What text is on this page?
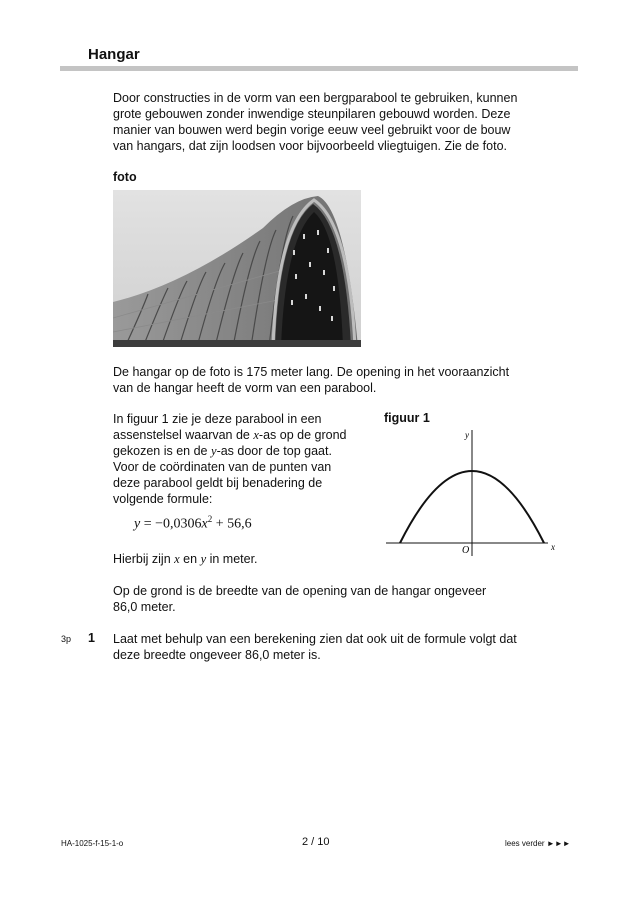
Hangar
Door constructies in de vorm van een bergparabool te gebruiken, kunnen
grote gebouwen zonder inwendige steunpilaren gebouwd worden. Deze
manier van bouwen werd begin vorige eeuw veel gebruikt voor de bouw
van hangars, dat zijn loodsen voor bijvoorbeeld vliegtuigen. Zie de foto.
foto
De hangar op de foto is 175 meter lang. De opening in het vooraanzicht
van de hangar heeft de vorm van een parabool.
In figuur 1 zie je deze parabool in een
assenstelsel waarvan de x-as op de grond
gekozen is en de y-as door de top gaat.
Voor de coördinaten van de punten van
deze parabool geldt bij benadering de
volgende formule:
$y = -0,0306x^2 + 56,6$
Hierbij zijn x en y in meter.
Op de grond is de breedte van de opening van de hangar ongeveer
86,0 meter.
3p 1 Laat met behulp van een berekening zien dat ook uit de formule volgt dat
deze breedte ongeveer 86,0 meter is.
figuur 1
y
x
O
HA-1025-f-15-1-o	2 / 10	lees verder ►►►
